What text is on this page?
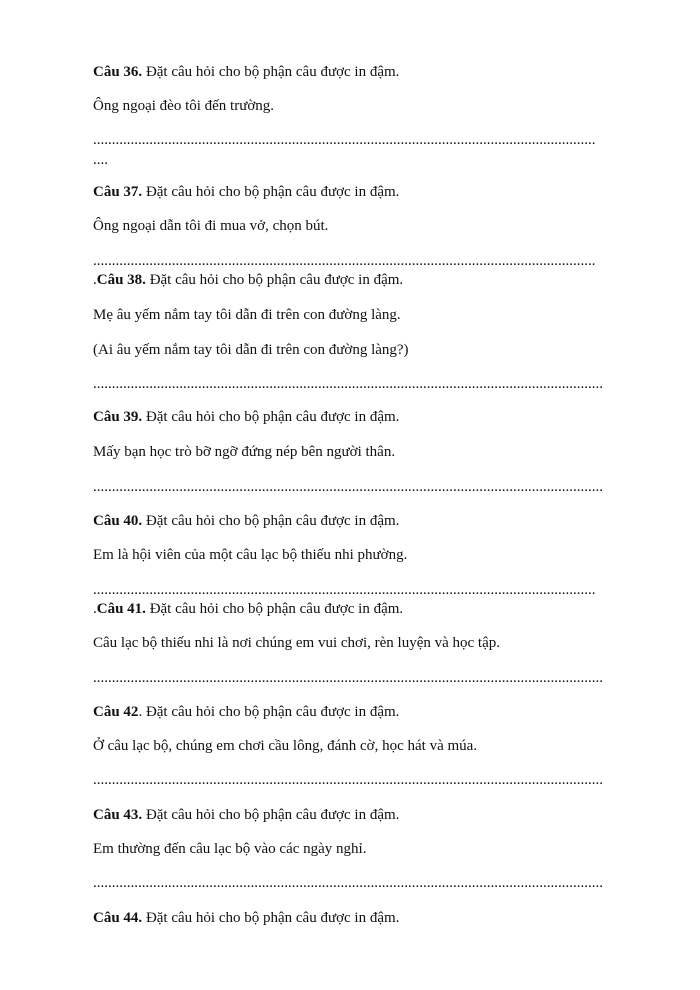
Câu 36. Đặt câu hỏi cho bộ phận câu được in đậm.
Ông ngoại đèo tôi đến trường.
......................................................................................................................................
....
Câu 37. Đặt câu hỏi cho bộ phận câu được in đậm.
Ông ngoại dẫn tôi đi mua vở, chọn bút.
......................................................................................................................................
.Câu 38. Đặt câu hỏi cho bộ phận câu được in đậm.
Mẹ âu yếm nắm tay tôi dẫn đi trên con đường làng.
(Ai âu yếm nắm tay tôi dẫn đi trên con đường làng?)
........................................................................................................................................
Câu 39. Đặt câu hỏi cho bộ phận câu được in đậm.
Mấy bạn học trò bỡ ngỡ đứng nép bên người thân.
........................................................................................................................................
Câu 40. Đặt câu hỏi cho bộ phận câu được in đậm.
Em là hội viên của một câu lạc bộ thiếu nhi phường.
......................................................................................................................................
.Câu 41. Đặt câu hỏi cho bộ phận câu được in đậm.
Câu lạc bộ thiếu nhi là nơi chúng em vui chơi, rèn luyện và học tập.
........................................................................................................................................
Câu 42. Đặt câu hỏi cho bộ phận câu được in đậm.
Ở câu lạc bộ, chúng em chơi cầu lông, đánh cờ, học hát và múa.
........................................................................................................................................
Câu 43. Đặt câu hỏi cho bộ phận câu được in đậm.
Em thường đến câu lạc bộ vào các ngày nghỉ.
........................................................................................................................................
Câu 44. Đặt câu hỏi cho bộ phận câu được in đậm.
